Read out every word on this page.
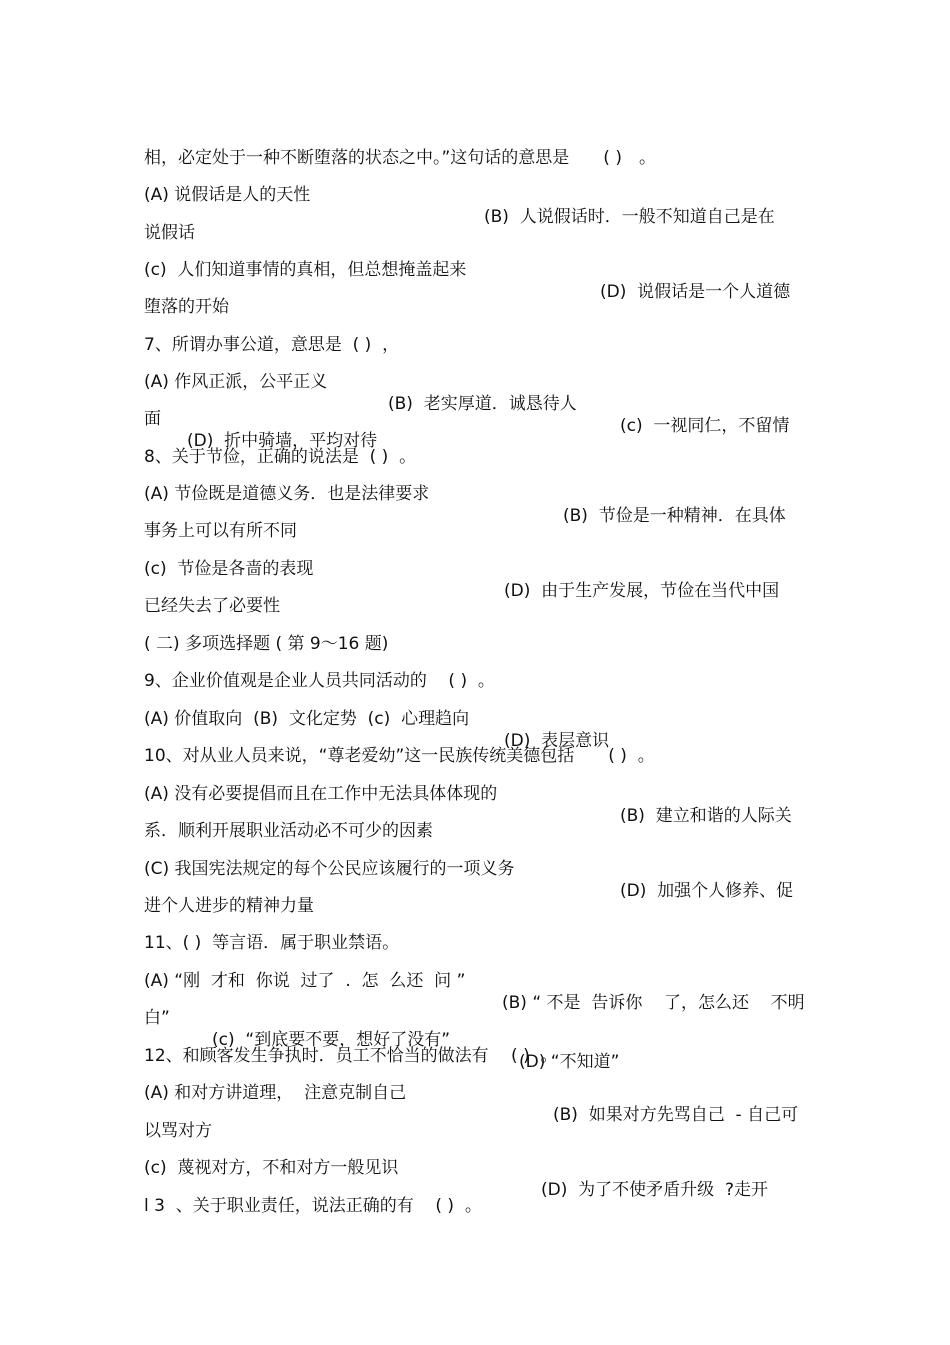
相，必定处于一种不断堕落的状态之中。”这句话的意思是　　( )　。

(A) 说假话是人的天性

(B)  人说假话时．一般不知道自己是在

说假话

(c)  人们知道事情的真相，但总想掩盖起来

(D)  说假话是一个人道德

堕落的开始

7、所谓办事公道，意思是  ( )  ，

(A) 作风正派，公平正义

(B)  老实厚道．诚恳待人

(c)  一视同仁，不留情

面

(D)  折中骑墙，平均对待

8、关于节俭，正确的说法是  ( )  。

(A) 节俭既是道德义务．也是法律要求

(B)  节俭是一种精神．在具体

事务上可以有所不同

(c)  节俭是各啬的表现

(D)  由于生产发展，节俭在当代中国

已经失去了必要性

( 二) 多项选择题 ( 第 9～16 题)

9、企业价值观是企业人员共同活动的    ( )  。

(A) 价值取向  (B)  文化定势  (c)  心理趋向

(D)  表层意识

10、对从业人员来说，“尊老爱幼”这一民族传统美德包括　　( )  。

(A) 没有必要提倡而且在工作中无法具体体现的

(B)  建立和谐的人际关

系．顺利开展职业活动必不可少的因素

(C) 我国宪法规定的每个公民应该履行的一项义务

(D)  加强个人修养、促

进个人进步的精神力量

11、( )  等言语．属于职业禁语。

(A) “刚  才和  你说  过了  .  怎  么还  问 ”

(B) “ 不是  告诉你    了，怎么还    不明

白”

(c)  “到底要不要，想好了没有”

(D) “不知道”

12、和顾客发生争执时．员工不恰当的做法有　 ( )  。

(A) 和对方讲道理，  注意克制自己

(B)  如果对方先骂自己  - 自己可

以骂对方

(c)  蔑视对方，不和对方一般见识

(D)  为了不使矛盾升级  ?走开

l 3  、关于职业责任，说法正确的有    ( )  。
